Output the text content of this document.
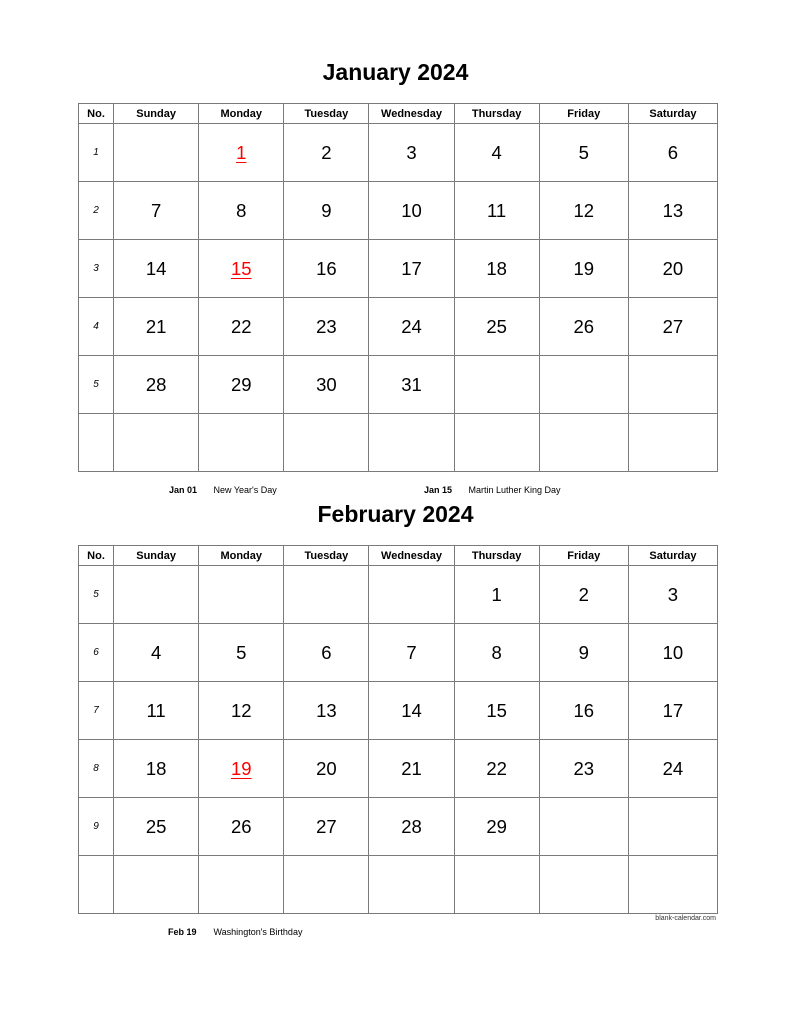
January 2024
No.	Sunday	Monday	Tuesday	Wednesday	Thursday	Friday	Saturday
1		1	2	3	4	5	6
2	7	8	9	10	11	12	13
3	14	15	16	17	18	19	20
4	21	22	23	24	25	26	27
5	28	29	30	31			

Jan 01 New Year's Day	Jan 15 Martin Luther King Day
February 2024
No.	Sunday	Monday	Tuesday	Wednesday	Thursday	Friday	Saturday
5					1	2	3
6	4	5	6	7	8	9	10
7	11	12	13	14	15	16	17
8	18	19	20	21	22	23	24
9	25	26	27	28	29		

blank-calendar.com
Feb 19 Washington's Birthday
